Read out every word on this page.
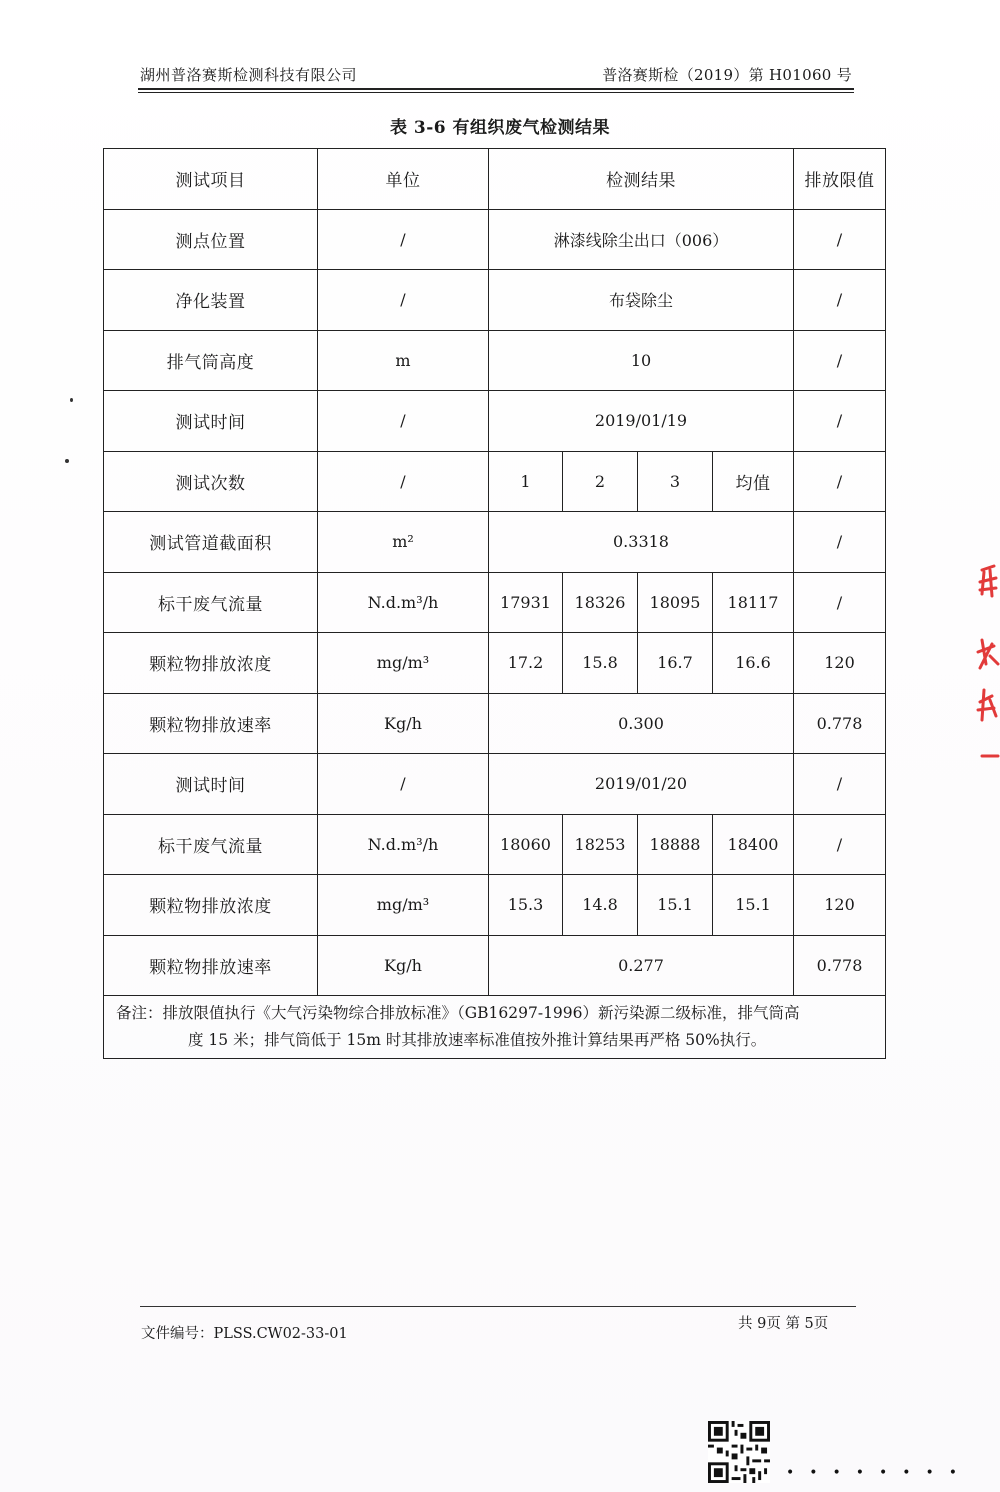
湖州普洛赛斯检测科技有限公司	普洛赛斯检（2019）第 H01060 号
表 3-6 有组织废气检测结果
测试项目	单位	检测结果				排放限值
测点位置	/	淋漆线除尘出口（006）				/
净化装置	/	布袋除尘				/
排气筒高度	m	10				/
测试时间	/	2019/01/19				/
测试次数	/	1	2	3	均值	/
测试管道截面积	m²	0.3318				/
标干废气流量	N.d.m³/h	17931	18326	18095	18117	/
颗粒物排放浓度	mg/m³	17.2	15.8	16.7	16.6	120
颗粒物排放速率	Kg/h	0.300				0.778
测试时间	/	2019/01/20				/
标干废气流量	N.d.m³/h	18060	18253	18888	18400	/
颗粒物排放浓度	mg/m³	15.3	14.8	15.1	15.1	120
颗粒物排放速率	Kg/h	0.277				0.778

备注：排放限值执行《大气污染物综合排放标准》（GB16297-1996）新污染源二级标准，排气筒高
度 15 米；排气筒低于 15m 时其排放速率标准值按外推计算结果再严格 50%执行。						
文件编号：PLSS.CW02-33-01
共 9页 第 5页
••••••••
